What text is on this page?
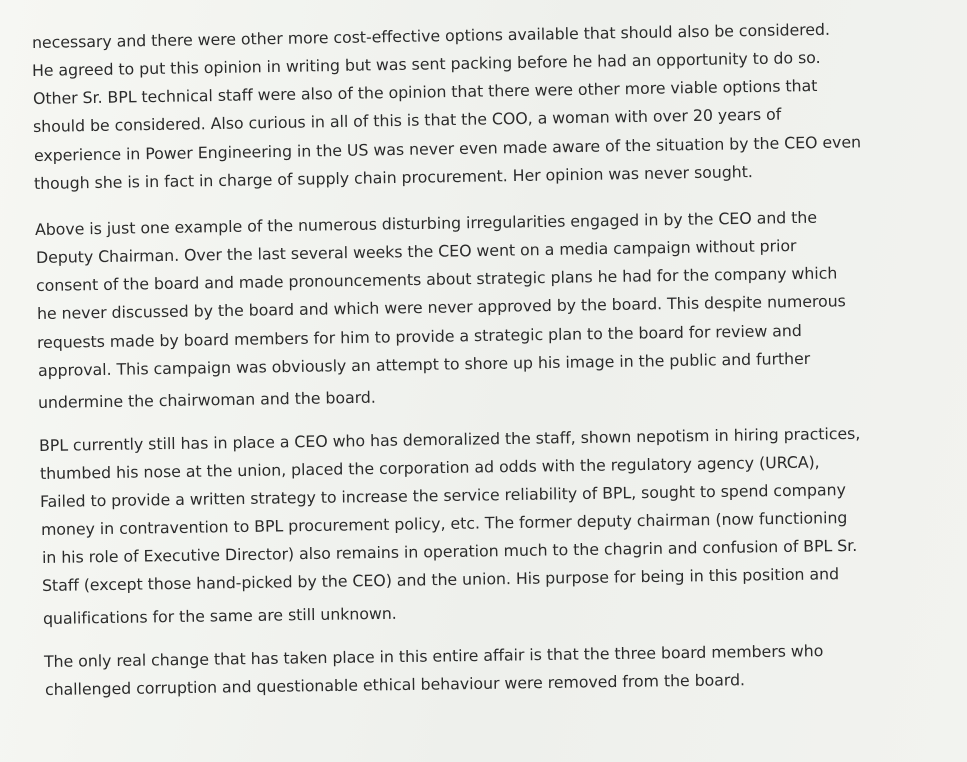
necessary and there were other more cost-effective options available that should also be considered.
He agreed to put this opinion in writing but was sent packing before he had an opportunity to do so.
Other Sr. BPL technical staff were also of the opinion that there were other more viable options that
should be considered. Also curious in all of this is that the COO, a woman with over 20 years of
experience in Power Engineering in the US was never even made aware of the situation by the CEO even
though she is in fact in charge of supply chain procurement. Her opinion was never sought.
Above is just one example of the numerous disturbing irregularities engaged in by the CEO and the
Deputy Chairman. Over the last several weeks the CEO went on a media campaign without prior
consent of the board and made pronouncements about strategic plans he had for the company which
he never discussed by the board and which were never approved by the board. This despite numerous
requests made by board members for him to provide a strategic plan to the board for review and
approval. This campaign was obviously an attempt to shore up his image in the public and further
undermine the chairwoman and the board.
BPL currently still has in place a CEO who has demoralized the staff, shown nepotism in hiring practices,
thumbed his nose at the union, placed the corporation ad odds with the regulatory agency (URCA),
Failed to provide a written strategy to increase the service reliability of BPL, sought to spend company
money in contravention to BPL procurement policy, etc. The former deputy chairman (now functioning
in his role of Executive Director) also remains in operation much to the chagrin and confusion of BPL Sr.
Staff (except those hand-picked by the CEO) and the union. His purpose for being in this position and
qualifications for the same are still unknown.
The only real change that has taken place in this entire affair is that the three board members who
challenged corruption and questionable ethical behaviour were removed from the board.
